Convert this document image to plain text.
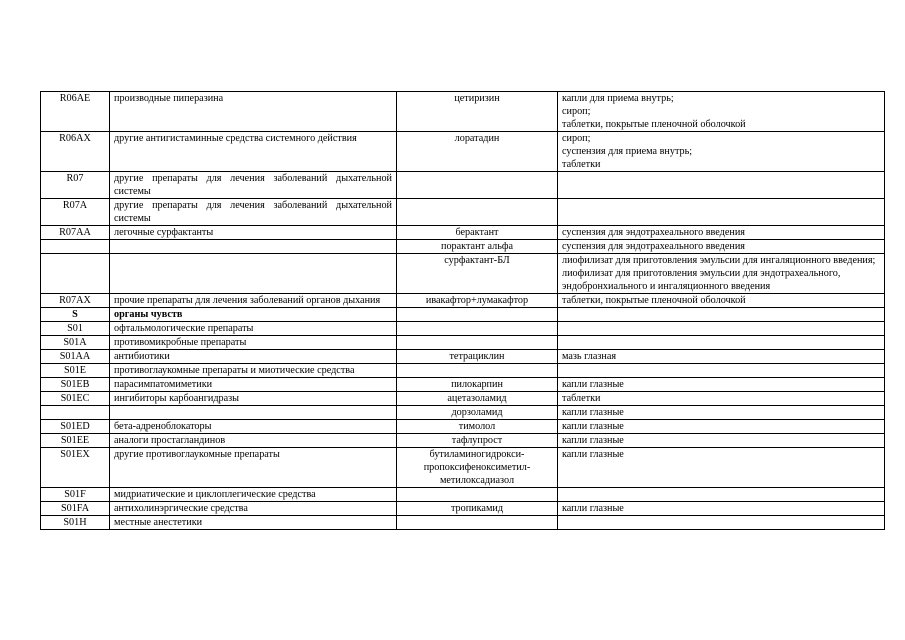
R06AE	производные пиперазина	цетиризин	капли для приема внутрь;
сироп;
таблетки, покрытые пленочной оболочкой
R06AX	другие антигистаминные средства системного действия	лоратадин	сироп;
суспензия для приема внутрь;
таблетки
R07	другие препараты для лечения заболеваний дыхательной системы		
R07A	другие препараты для лечения заболеваний дыхательной системы		
R07AA	легочные сурфактанты	берактант	суспензия для эндотрахеального введения
		порактант альфа	суспензия для эндотрахеального введения
		сурфактант-БЛ	лиофилизат для приготовления эмульсии для ингаляционного введения;
лиофилизат для приготовления эмульсии для эндотрахеального, эндобронхиального и ингаляционного введения
R07AX	прочие препараты для лечения заболеваний органов дыхания	ивакафтор+лумакафтор	таблетки, покрытые пленочной оболочкой
S	органы чувств		
S01	офтальмологические препараты		
S01A	противомикробные препараты		
S01AA	антибиотики	тетрациклин	мазь глазная
S01E	противоглаукомные препараты и миотические средства		
S01EB	парасимпатомиметики	пилокарпин	капли глазные
S01EC	ингибиторы карбоангидразы	ацетазоламид	таблетки
		дорзоламид	капли глазные
S01ED	бета-адреноблокаторы	тимолол	капли глазные
S01EE	аналоги простагландинов	тафлупрост	капли глазные
S01EX	другие противоглаукомные препараты	бутиламиногидрокси-
пропоксифеноксиметил-
метилоксадиазол	капли глазные
S01F	мидриатические и циклоплегические средства		
S01FA	антихолинэргические средства	тропикамид	капли глазные
S01H	местные анестетики		
